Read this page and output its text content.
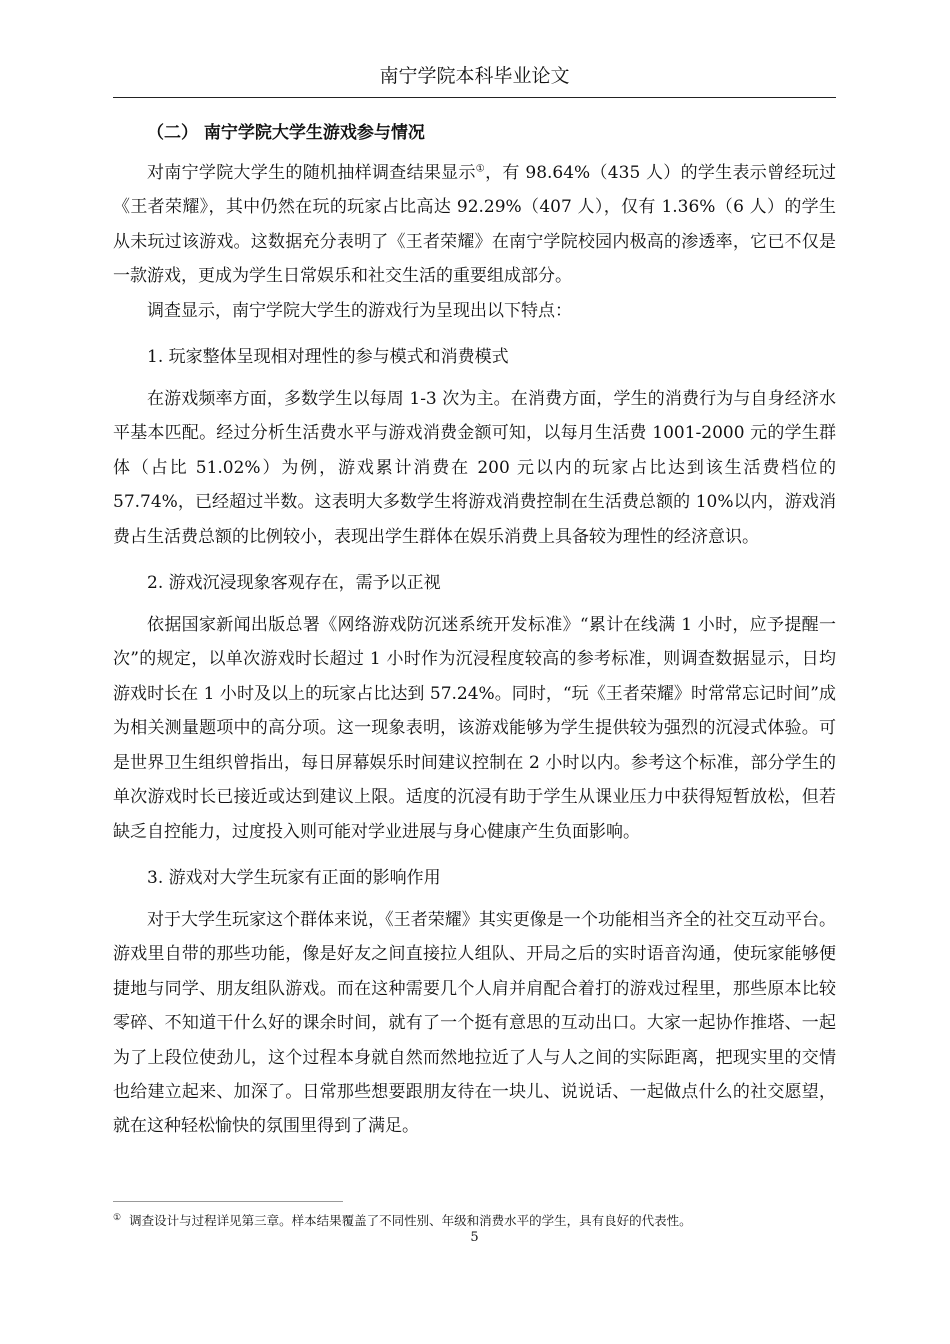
南宁学院本科毕业论文
（二） 南宁学院大学生游戏参与情况

对南宁学院大学生的随机抽样调查结果显示①，有 98.64%（435 人）的学生表示曾经玩过《王者荣耀》，其中仍然在玩的玩家占比高达 92.29%（407 人），仅有 1.36%（6 人）的学生从未玩过该游戏。这数据充分表明了《王者荣耀》在南宁学院校园内极高的渗透率，它已不仅是一款游戏，更成为学生日常娱乐和社交生活的重要组成部分。

调查显示，南宁学院大学生的游戏行为呈现出以下特点：

1. 玩家整体呈现相对理性的参与模式和消费模式

在游戏频率方面，多数学生以每周 1-3 次为主。在消费方面，学生的消费行为与自身经济水平基本匹配。经过分析生活费水平与游戏消费金额可知，以每月生活费 1001-2000 元的学生群体（占比 51.02%）为例，游戏累计消费在 200 元以内的玩家占比达到该生活费档位的 57.74%，已经超过半数。这表明大多数学生将游戏消费控制在生活费总额的 10%以内，游戏消费占生活费总额的比例较小，表现出学生群体在娱乐消费上具备较为理性的经济意识。

2. 游戏沉浸现象客观存在，需予以正视

依据国家新闻出版总署《网络游戏防沉迷系统开发标准》“累计在线满 1 小时，应予提醒一次”的规定，以单次游戏时长超过 1 小时作为沉浸程度较高的参考标准，则调查数据显示，日均游戏时长在 1 小时及以上的玩家占比达到 57.24%。同时，“玩《王者荣耀》时常常忘记时间”成为相关测量题项中的高分项。这一现象表明，该游戏能够为学生提供较为强烈的沉浸式体验。可是世界卫生组织曾指出，每日屏幕娱乐时间建议控制在 2 小时以内。参考这个标准，部分学生的单次游戏时长已接近或达到建议上限。适度的沉浸有助于学生从课业压力中获得短暂放松，但若缺乏自控能力，过度投入则可能对学业进展与身心健康产生负面影响。

3. 游戏对大学生玩家有正面的影响作用

对于大学生玩家这个群体来说，《王者荣耀》其实更像是一个功能相当齐全的社交互动平台。游戏里自带的那些功能，像是好友之间直接拉人组队、开局之后的实时语音沟通，使玩家能够便捷地与同学、朋友组队游戏。而在这种需要几个人肩并肩配合着打的游戏过程里，那些原本比较零碎、不知道干什么好的课余时间，就有了一个挺有意思的互动出口。大家一起协作推塔、一起为了上段位使劲儿，这个过程本身就自然而然地拉近了人与人之间的实际距离，把现实里的交情也给建立起来、加深了。日常那些想要跟朋友待在一块儿、说说话、一起做点什么的社交愿望，就在这种轻松愉快的氛围里得到了满足。

① 调查设计与过程详见第三章。样本结果覆盖了不同性别、年级和消费水平的学生，具有良好的代表性。
5
